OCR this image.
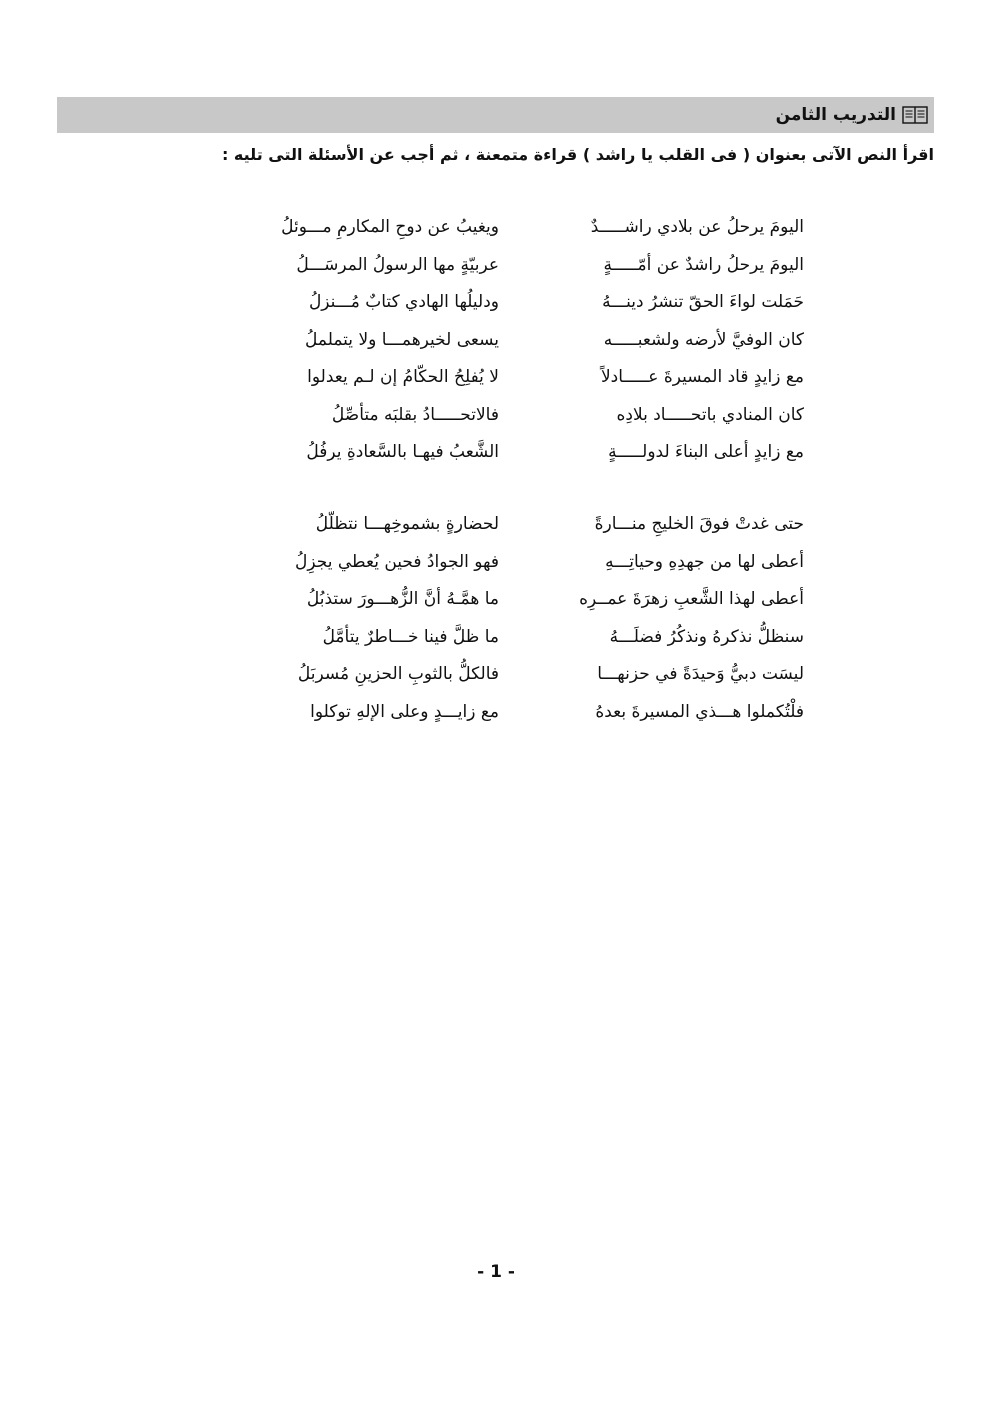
التدريب الثامن
اقرأ النص الآتى بعنوان ( فى القلب يا راشد ) قراءة متمعنة ، ثم أجب عن الأسئلة التى تليه :
اليومَ يرحلُ عن بلادي راشـــــدٌ
ويغيبُ عن دوحِ المكارمِ مـــوئلُ
اليومَ يرحلُ راشدٌ عن أمّـــــةٍ
عربيّةٍ مها الرسولُ المرسَـــلُ
حَمَلت لواءَ الحقّ تنشرُ دينـــهُ
ودليلُها الهادي كتابٌ مُـــنزلُ
كان الوفيَّ لأرضه ولشعبـــــه
يسعى لخيرهمـــا ولا يتململُ
مع زايدٍ قاد المسيرةَ عـــــادلاً
لا يُفلِحُ الحكّامُ إن لـم يعدلوا
كان المنادي باتحـــــاد بلادِه
فالاتحـــــادُ بقلبَه متأصِّلُ
مع زايدٍ أعلى البناءَ لدولـــــةٍ
الشَّعبُ فيهـا بالسَّعادةِ يرفُلُ
حتى غدتْ فوقَ الخليجِ منـــارةً
لحضارةٍ بشموخِهـــا نتظلّلُ
أعطى لها من جهدِهِ وحياتِـــهِ
فهو الجوادُ فحين يُعطي يجزِلُ
أعطى لهذا الشَّعبِ زهرَةَ عمــرِه
ما همَّـهُ أنَّ الزُّهـــورَ ستذبُلُ
سنظلُّ نذكرهُ ونذكُرُ فضلَـــهُ
ما ظلَّ فينا خـــاطرٌ يتأمَّلُ
ليسَت دبيُّ وَحيدَةً في حزنهـــا
فالكلُّ بالثوبِ الحزينِ مُسربَلُ
فلْتُكملوا هـــذي المسيرةَ بعدهُ
مع زايـــدٍ وعلى الإلهِ توكلوا
- 1 -
